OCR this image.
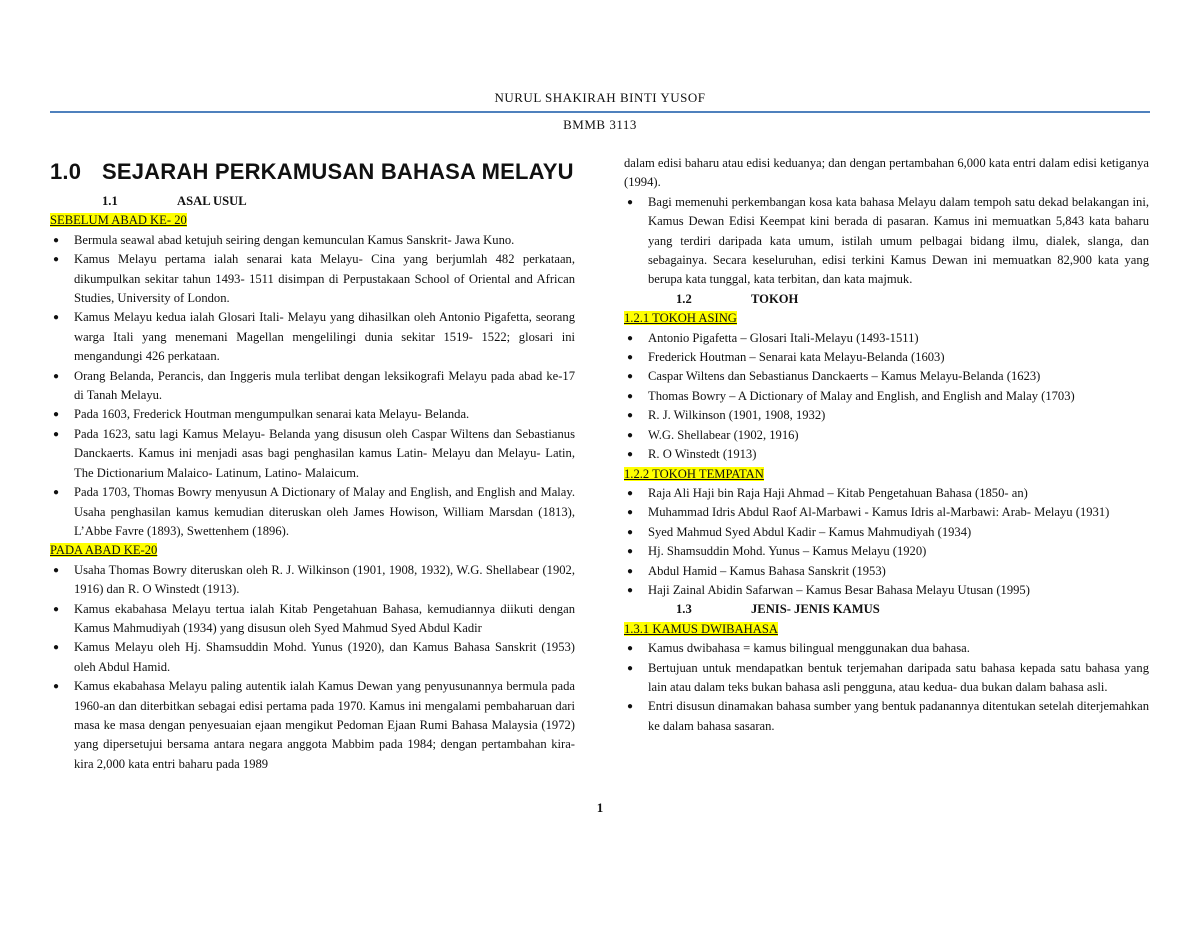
NURUL SHAKIRAH BINTI YUSOF
BMMB 3113
1.0 SEJARAH PERKAMUSAN BAHASA MELAYU
1.1	ASAL USUL
SEBELUM ABAD KE- 20
● Bermula seawal abad ketujuh seiring dengan kemunculan Kamus Sanskrit- Jawa Kuno.
● Kamus Melayu pertama ialah senarai kata Melayu- Cina yang berjumlah 482 perkataan, dikumpulkan sekitar tahun 1493- 1511 disimpan di Perpustakaan School of Oriental and African Studies, University of London.
● Kamus Melayu kedua ialah Glosari Itali- Melayu yang dihasilkan oleh Antonio Pigafetta, seorang warga Itali yang menemani Magellan mengelilingi dunia sekitar 1519- 1522; glosari ini mengandungi 426 perkataan.
● Orang Belanda, Perancis, dan Inggeris mula terlibat dengan leksikografi Melayu pada abad ke-17 di Tanah Melayu.
● Pada 1603, Frederick Houtman mengumpulkan senarai kata Melayu- Belanda.
● Pada 1623, satu lagi Kamus Melayu- Belanda yang disusun oleh Caspar Wiltens dan Sebastianus Danckaerts. Kamus ini menjadi asas bagi penghasilan kamus Latin- Melayu dan Melayu- Latin, The Dictionarium Malaico- Latinum, Latino- Malaicum.
● Pada 1703, Thomas Bowry menyusun A Dictionary of Malay and English, and English and Malay. Usaha penghasilan kamus kemudian diteruskan oleh James Howison, William Marsdan (1813), L’Abbe Favre (1893), Swettenhem (1896).
PADA ABAD KE-20
● Usaha Thomas Bowry diteruskan oleh R. J. Wilkinson (1901, 1908, 1932), W.G. Shellabear (1902, 1916) dan R. O Winstedt (1913).
● Kamus ekabahasa Melayu tertua ialah Kitab Pengetahuan Bahasa, kemudiannya diikuti dengan Kamus Mahmudiyah (1934) yang disusun oleh Syed Mahmud Syed Abdul Kadir
● Kamus Melayu oleh Hj. Shamsuddin Mohd. Yunus (1920), dan Kamus Bahasa Sanskrit (1953) oleh Abdul Hamid.
● Kamus ekabahasa Melayu paling autentik ialah Kamus Dewan yang penyusunannya bermula pada 1960-an dan diterbitkan sebagai edisi pertama pada 1970. Kamus ini mengalami pembaharuan dari masa ke masa dengan penyesuaian ejaan mengikut Pedoman Ejaan Rumi Bahasa Malaysia (1972) yang dipersetujui bersama antara negara anggota Mabbim pada 1984; dengan pertambahan kira-kira 2,000 kata entri baharu pada 1989
dalam edisi baharu atau edisi keduanya; dan dengan pertambahan 6,000 kata entri dalam edisi ketiganya (1994).
● Bagi memenuhi perkembangan kosa kata bahasa Melayu dalam tempoh satu dekad belakangan ini, Kamus Dewan Edisi Keempat kini berada di pasaran. Kamus ini memuatkan 5,843 kata baharu yang terdiri daripada kata umum, istilah umum pelbagai bidang ilmu, dialek, slanga, dan sebagainya. Secara keseluruhan, edisi terkini Kamus Dewan ini memuatkan 82,900 kata yang berupa kata tunggal, kata terbitan, dan kata majmuk.
1.2	TOKOH
1.2.1 TOKOH ASING
● Antonio Pigafetta – Glosari Itali-Melayu (1493-1511)
● Frederick Houtman – Senarai kata Melayu-Belanda (1603)
● Caspar Wiltens dan Sebastianus Danckaerts – Kamus Melayu-Belanda (1623)
● Thomas Bowry – A Dictionary of Malay and English, and English and Malay (1703)
● R. J. Wilkinson (1901, 1908, 1932)
● W.G. Shellabear (1902, 1916)
● R. O Winstedt (1913)
1.2.2 TOKOH TEMPATAN
● Raja Ali Haji bin Raja Haji Ahmad – Kitab Pengetahuan Bahasa (1850- an)
● Muhammad Idris Abdul Raof Al-Marbawi - Kamus Idris al-Marbawi: Arab- Melayu (1931)
● Syed Mahmud Syed Abdul Kadir – Kamus Mahmudiyah (1934)
● Hj. Shamsuddin Mohd. Yunus – Kamus Melayu (1920)
● Abdul Hamid – Kamus Bahasa Sanskrit (1953)
● Haji Zainal Abidin Safarwan – Kamus Besar Bahasa Melayu Utusan (1995)
1.3	JENIS- JENIS KAMUS
1.3.1 KAMUS DWIBAHASA
● Kamus dwibahasa = kamus bilingual menggunakan dua bahasa.
● Bertujuan untuk mendapatkan bentuk terjemahan daripada satu bahasa kepada satu bahasa yang lain atau dalam teks bukan bahasa asli pengguna, atau kedua- dua bukan dalam bahasa asli.
● Entri disusun dinamakan bahasa sumber yang bentuk padanannya ditentukan setelah diterjemahkan ke dalam bahasa sasaran.
1
